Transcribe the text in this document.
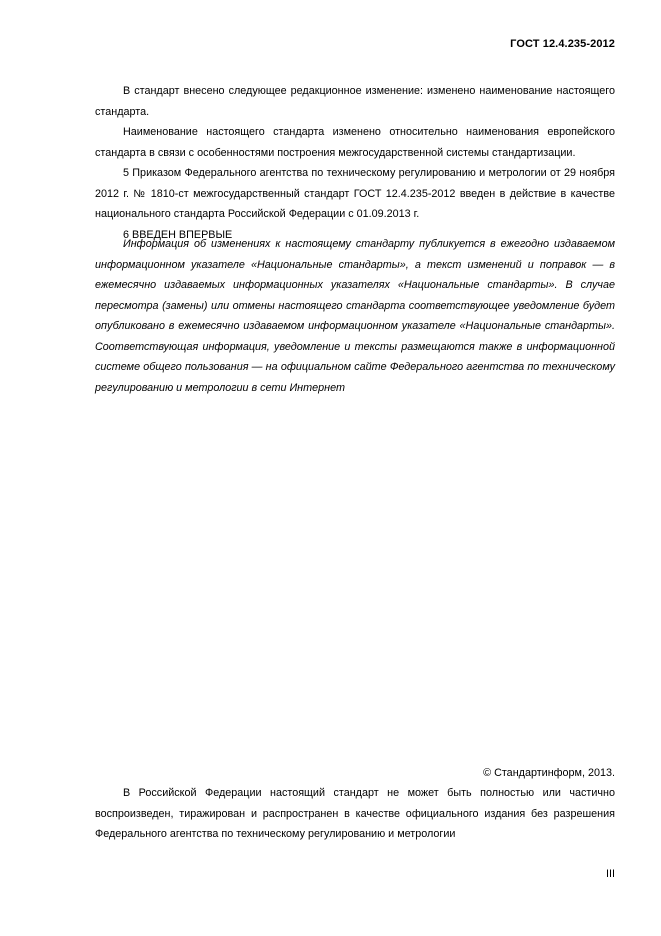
ГОСТ 12.4.235-2012

В стандарт внесено следующее редакционное изменение: изменено наименование настоящего стандарта.

Наименование настоящего стандарта изменено относительно наименования европейского стандарта в связи с особенностями построения межгосударственной системы стандартизации.

5 Приказом Федерального агентства по техническому регулированию и метрологии от 29 ноября 2012 г. № 1810-ст межгосударственный стандарт ГОСТ 12.4.235-2012 введен в действие в качестве национального стандарта Российской Федерации с 01.09.2013 г.

6 ВВЕДЕН ВПЕРВЫЕ

Информация об изменениях к настоящему стандарту публикуется в ежегодно издаваемом информационном указателе «Национальные стандарты», а текст изменений и поправок — в ежемесячно издаваемых информационных указателях «Национальные стандарты». В случае пересмотра (замены) или отмены настоящего стандарта соответствующее уведомление будет опубликовано в ежемесячно издаваемом информационном указателе «Национальные стандарты». Соответствующая информация, уведомление и тексты размещаются также в информационной системе общего пользования — на официальном сайте Федерального агентства по техническому регулированию и метрологии в сети Интернет

© Стандартинформ, 2013.

В Российской Федерации настоящий стандарт не может быть полностью или частично воспроизведен, тиражирован и распространен в качестве официального издания без разрешения Федерального агентства по техническому регулированию и метрологии

III
